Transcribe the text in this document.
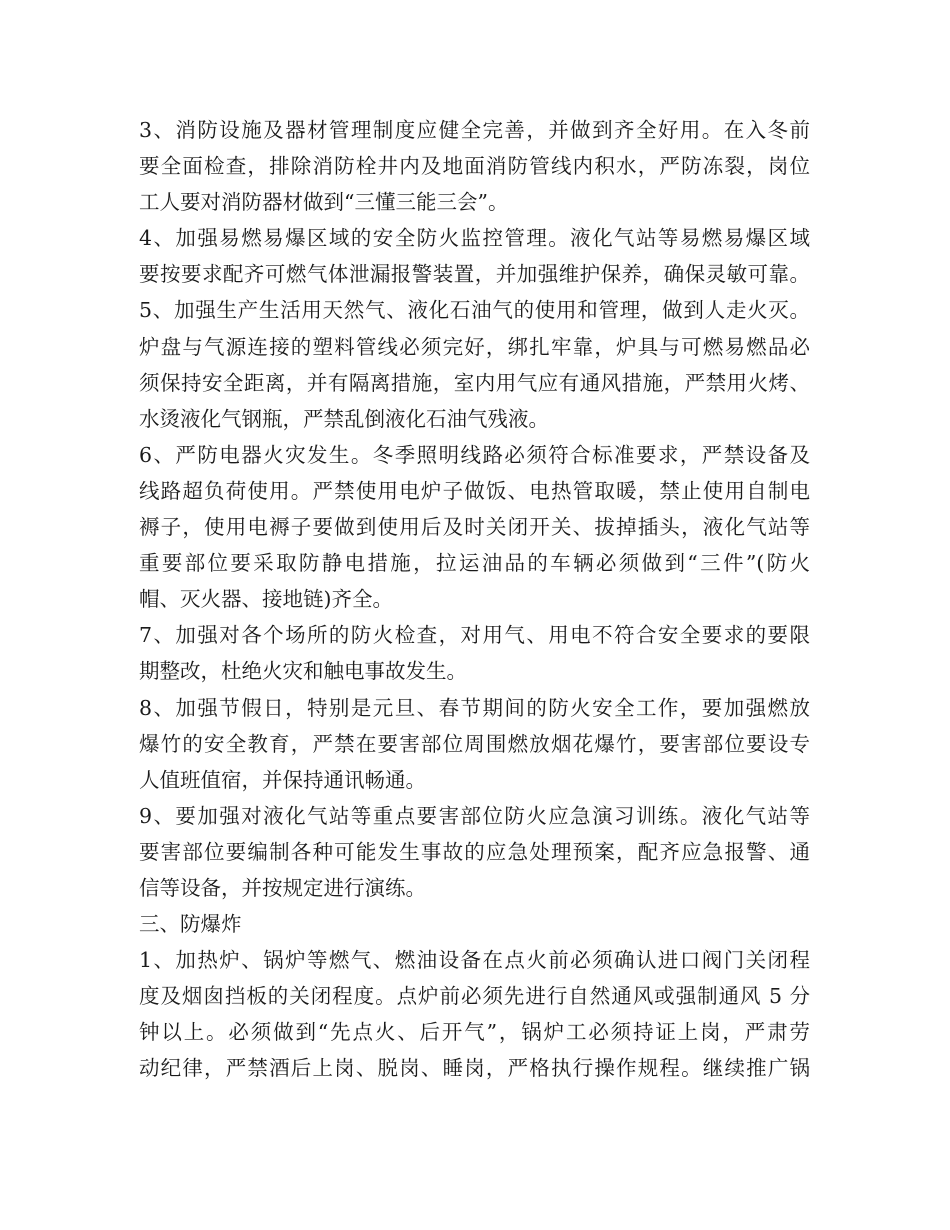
3、消防设施及器材管理制度应健全完善，并做到齐全好用。在入冬前
要全面检查，排除消防栓井内及地面消防管线内积水，严防冻裂，岗位
工人要对消防器材做到“三懂三能三会”。
4、加强易燃易爆区域的安全防火监控管理。液化气站等易燃易爆区域
要按要求配齐可燃气体泄漏报警装置，并加强维护保养，确保灵敏可靠。
5、加强生产生活用天然气、液化石油气的使用和管理，做到人走火灭。
炉盘与气源连接的塑料管线必须完好，绑扎牢靠，炉具与可燃易燃品必
须保持安全距离，并有隔离措施，室内用气应有通风措施，严禁用火烤、
水烫液化气钢瓶，严禁乱倒液化石油气残液。
6、严防电器火灾发生。冬季照明线路必须符合标准要求，严禁设备及
线路超负荷使用。严禁使用电炉子做饭、电热管取暖，禁止使用自制电
褥子，使用电褥子要做到使用后及时关闭开关、拔掉插头，液化气站等
重要部位要采取防静电措施，拉运油品的车辆必须做到“三件”(防火
帽、灭火器、接地链)齐全。
7、加强对各个场所的防火检查，对用气、用电不符合安全要求的要限
期整改，杜绝火灾和触电事故发生。
8、加强节假日，特别是元旦、春节期间的防火安全工作，要加强燃放
爆竹的安全教育，严禁在要害部位周围燃放烟花爆竹，要害部位要设专
人值班值宿，并保持通讯畅通。
9、要加强对液化气站等重点要害部位防火应急演习训练。液化气站等
要害部位要编制各种可能发生事故的应急处理预案，配齐应急报警、通
信等设备，并按规定进行演练。
三、防爆炸
1、加热炉、锅炉等燃气、燃油设备在点火前必须确认进口阀门关闭程
度及烟囱挡板的关闭程度。点炉前必须先进行自然通风或强制通风 5 分
钟以上。必须做到“先点火、后开气”，锅炉工必须持证上岗，严肃劳
动纪律，严禁酒后上岗、脱岗、睡岗，严格执行操作规程。继续推广锅
